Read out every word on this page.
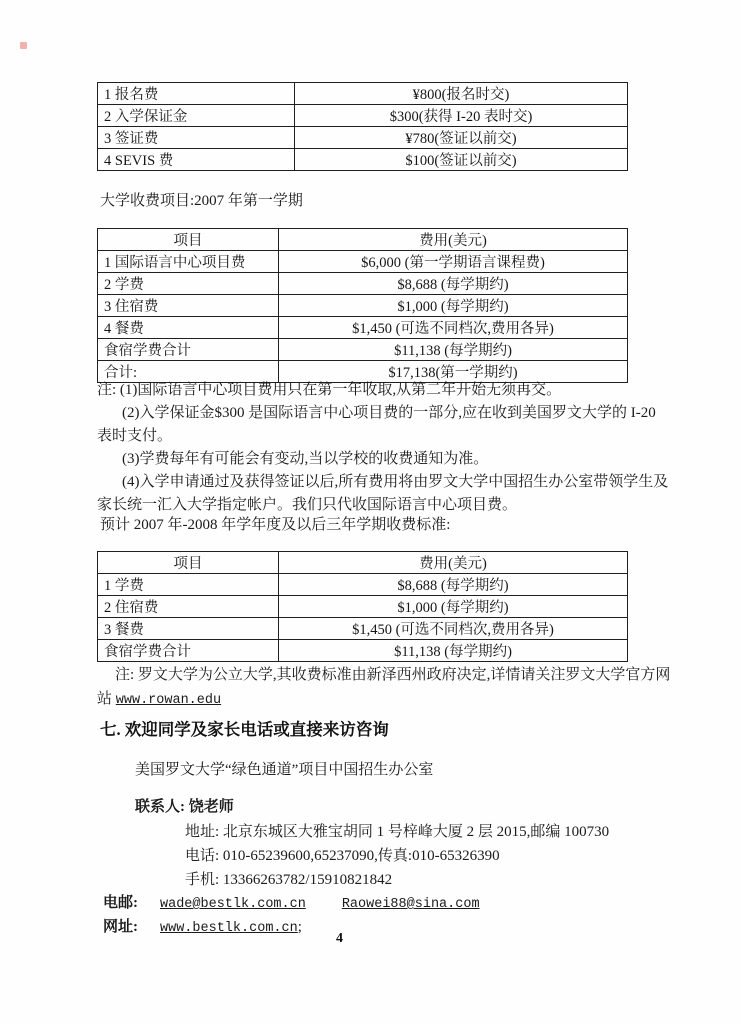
1 报名费	¥800(报名时交)
2 入学保证金	$300(获得 I-20 表时交)
3 签证费	¥780(签证以前交)
4 SEVIS 费	$100(签证以前交)
大学收费项目:2007 年第一学期
项目	费用(美元)
1 国际语言中心项目费	$6,000 (第一学期语言课程费)
2 学费	$8,688 (每学期约)
3 住宿费	$1,000 (每学期约)
4 餐费	$1,450 (可选不同档次,费用各异)
食宿学费合计	$11,138 (每学期约)
合计:	$17,138(第一学期约)
注: (1)国际语言中心项目费用只在第一年收取,从第二年开始无须再交。
(2)入学保证金$300 是国际语言中心项目费的一部分,应在收到美国罗文大学的 I-20
表时支付。
(3)学费每年有可能会有变动,当以学校的收费通知为准。
(4)入学申请通过及获得签证以后,所有费用将由罗文大学中国招生办公室带领学生及
家长统一汇入大学指定帐户。我们只代收国际语言中心项目费。
预计 2007 年-2008 年学年度及以后三年学期收费标准:
项目	费用(美元)
1 学费	$8,688 (每学期约)
2 住宿费	$1,000 (每学期约)
3 餐费	$1,450 (可选不同档次,费用各异)
食宿学费合计	$11,138 (每学期约)
注: 罗文大学为公立大学,其收费标准由新泽西州政府决定,详情请关注罗文大学官方网
站 www.rowan.edu
七. 欢迎同学及家长电话或直接来访咨询
美国罗文大学“绿色通道”项目中国招生办公室
联系人: 饶老师
地址: 北京东城区大雅宝胡同 1 号梓峰大厦 2 层 2015,邮编 100730
电话: 010-65239600,65237090,传真:010-65326390
手机: 13366263782/15910821842
电邮: wade@bestlk.com.cn	Raowei88@sina.com
网址: www.bestlk.com.cn;
4
